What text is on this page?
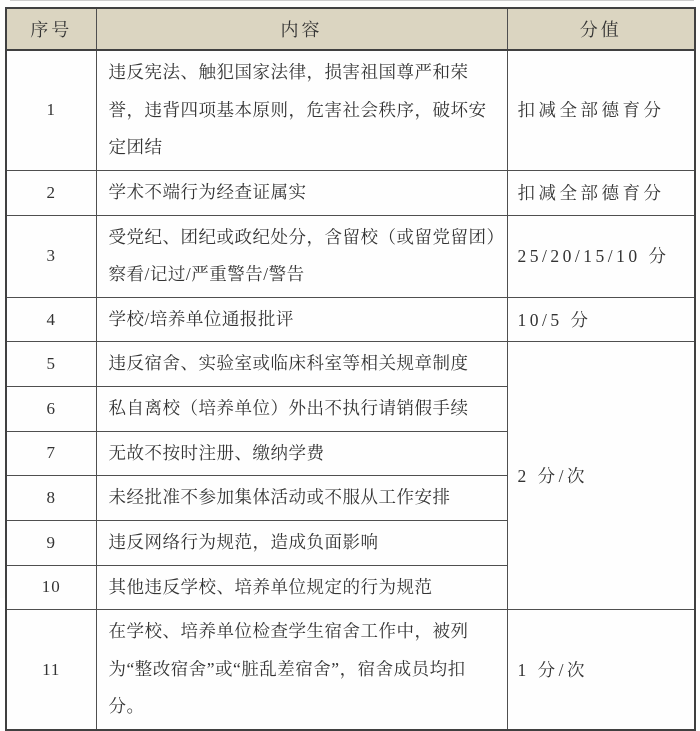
序号	内容	分值
1	违反宪法、触犯国家法律，损害祖国尊严和荣誉，违背四项基本原则，危害社会秩序，破坏安定团结	扣减全部德育分
2	学术不端行为经查证属实	扣减全部德育分
3	受党纪、团纪或政纪处分，含留校（或留党留团）察看/记过/严重警告/警告	25/20/15/10 分
4	学校/培养单位通报批评	10/5 分
5	违反宿舍、实验室或临床科室等相关规章制度	2 分/次
6	私自离校（培养单位）外出不执行请销假手续	
7	无故不按时注册、缴纳学费	
8	未经批准不参加集体活动或不服从工作安排	
9	违反网络行为规范，造成负面影响	
10	其他违反学校、培养单位规定的行为规范	
11	在学校、培养单位检查学生宿舍工作中，被列为“整改宿舍”或“脏乱差宿舍”，宿舍成员均扣分。	1 分/次
